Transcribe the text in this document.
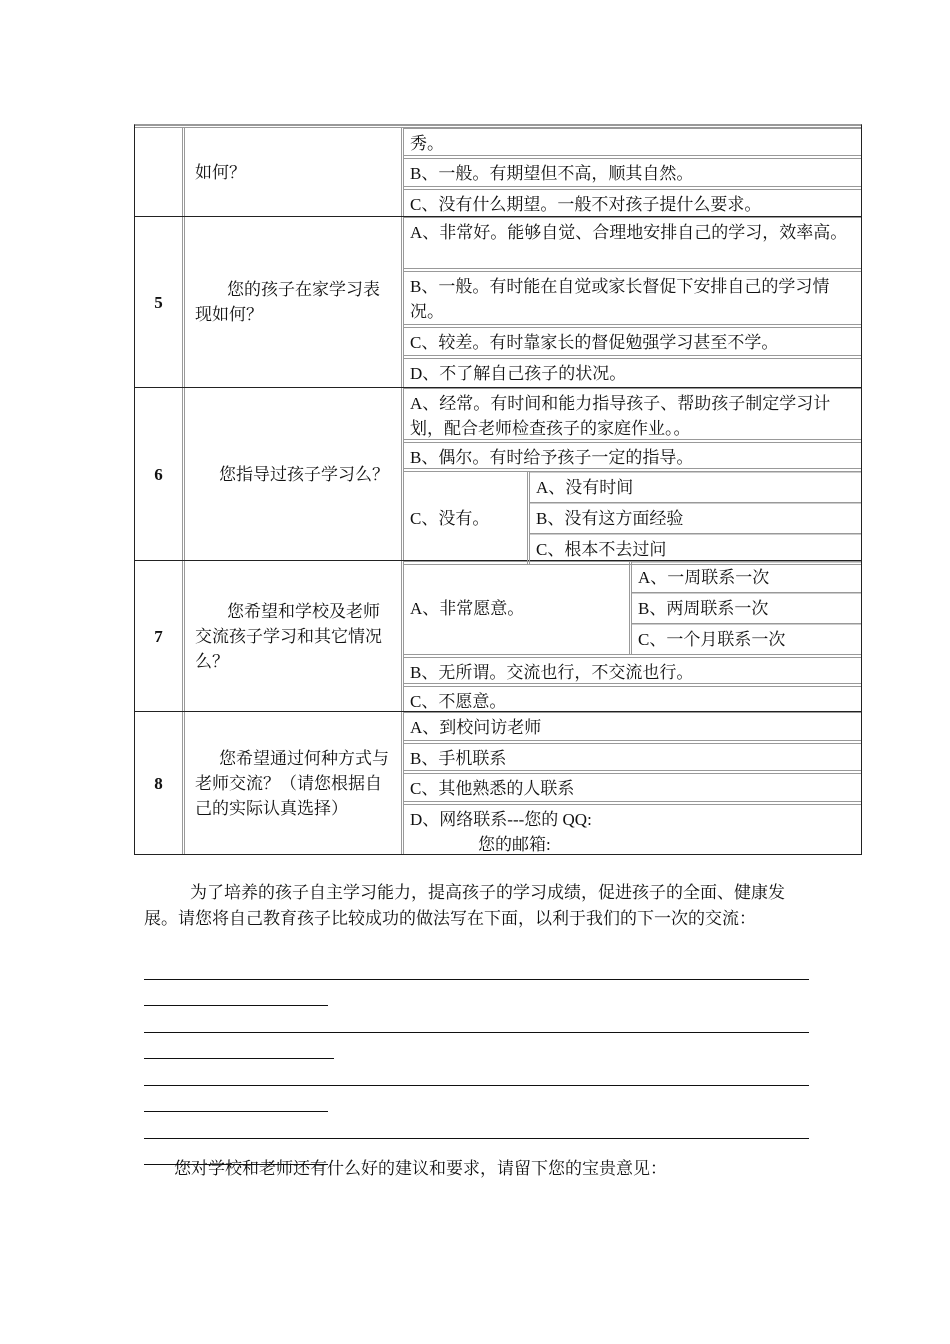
如何？
秀。
B、一般。有期望但不高，顺其自然。
C、没有什么期望。一般不对孩子提什么要求。
5
您的孩子在家学习表现如何？
A、非常好。能够自觉、合理地安排自己的学习，效率高。
B、一般。有时能在自觉或家长督促下安排自己的学习情况。
C、较差。有时靠家长的督促勉强学习甚至不学。
D、不了解自己孩子的状况。
6	您指导过孩子学习么？
A、经常。有时间和能力指导孩子、帮助孩子制定学习计划，配合老师检查孩子的家庭作业。。
B、偶尔。有时给予孩子一定的指导。
C、没有。
A、没有时间
B、没有这方面经验
C、根本不去过问
7
您希望和学校及老师交流孩子学习和其它情况么？
A、非常愿意。
A、一周联系一次
B、两周联系一次
C、一个月联系一次
B、无所谓。交流也行，不交流也行。
C、不愿意。
8
您希望通过何种方式与老师交流？（请您根据自己的实际认真选择）
A、到校问访老师
B、手机联系
C、其他熟悉的人联系
D、网络联系---您的 QQ:
您的邮箱:

为了培养的孩子自主学习能力，提高孩子的学习成绩，促进孩子的全面、健康发展。请您将自己教育孩子比较成功的做法写在下面，以利于我们的下一次的交流：

您对学校和老师还有什么好的建议和要求，请留下您的宝贵意见：
